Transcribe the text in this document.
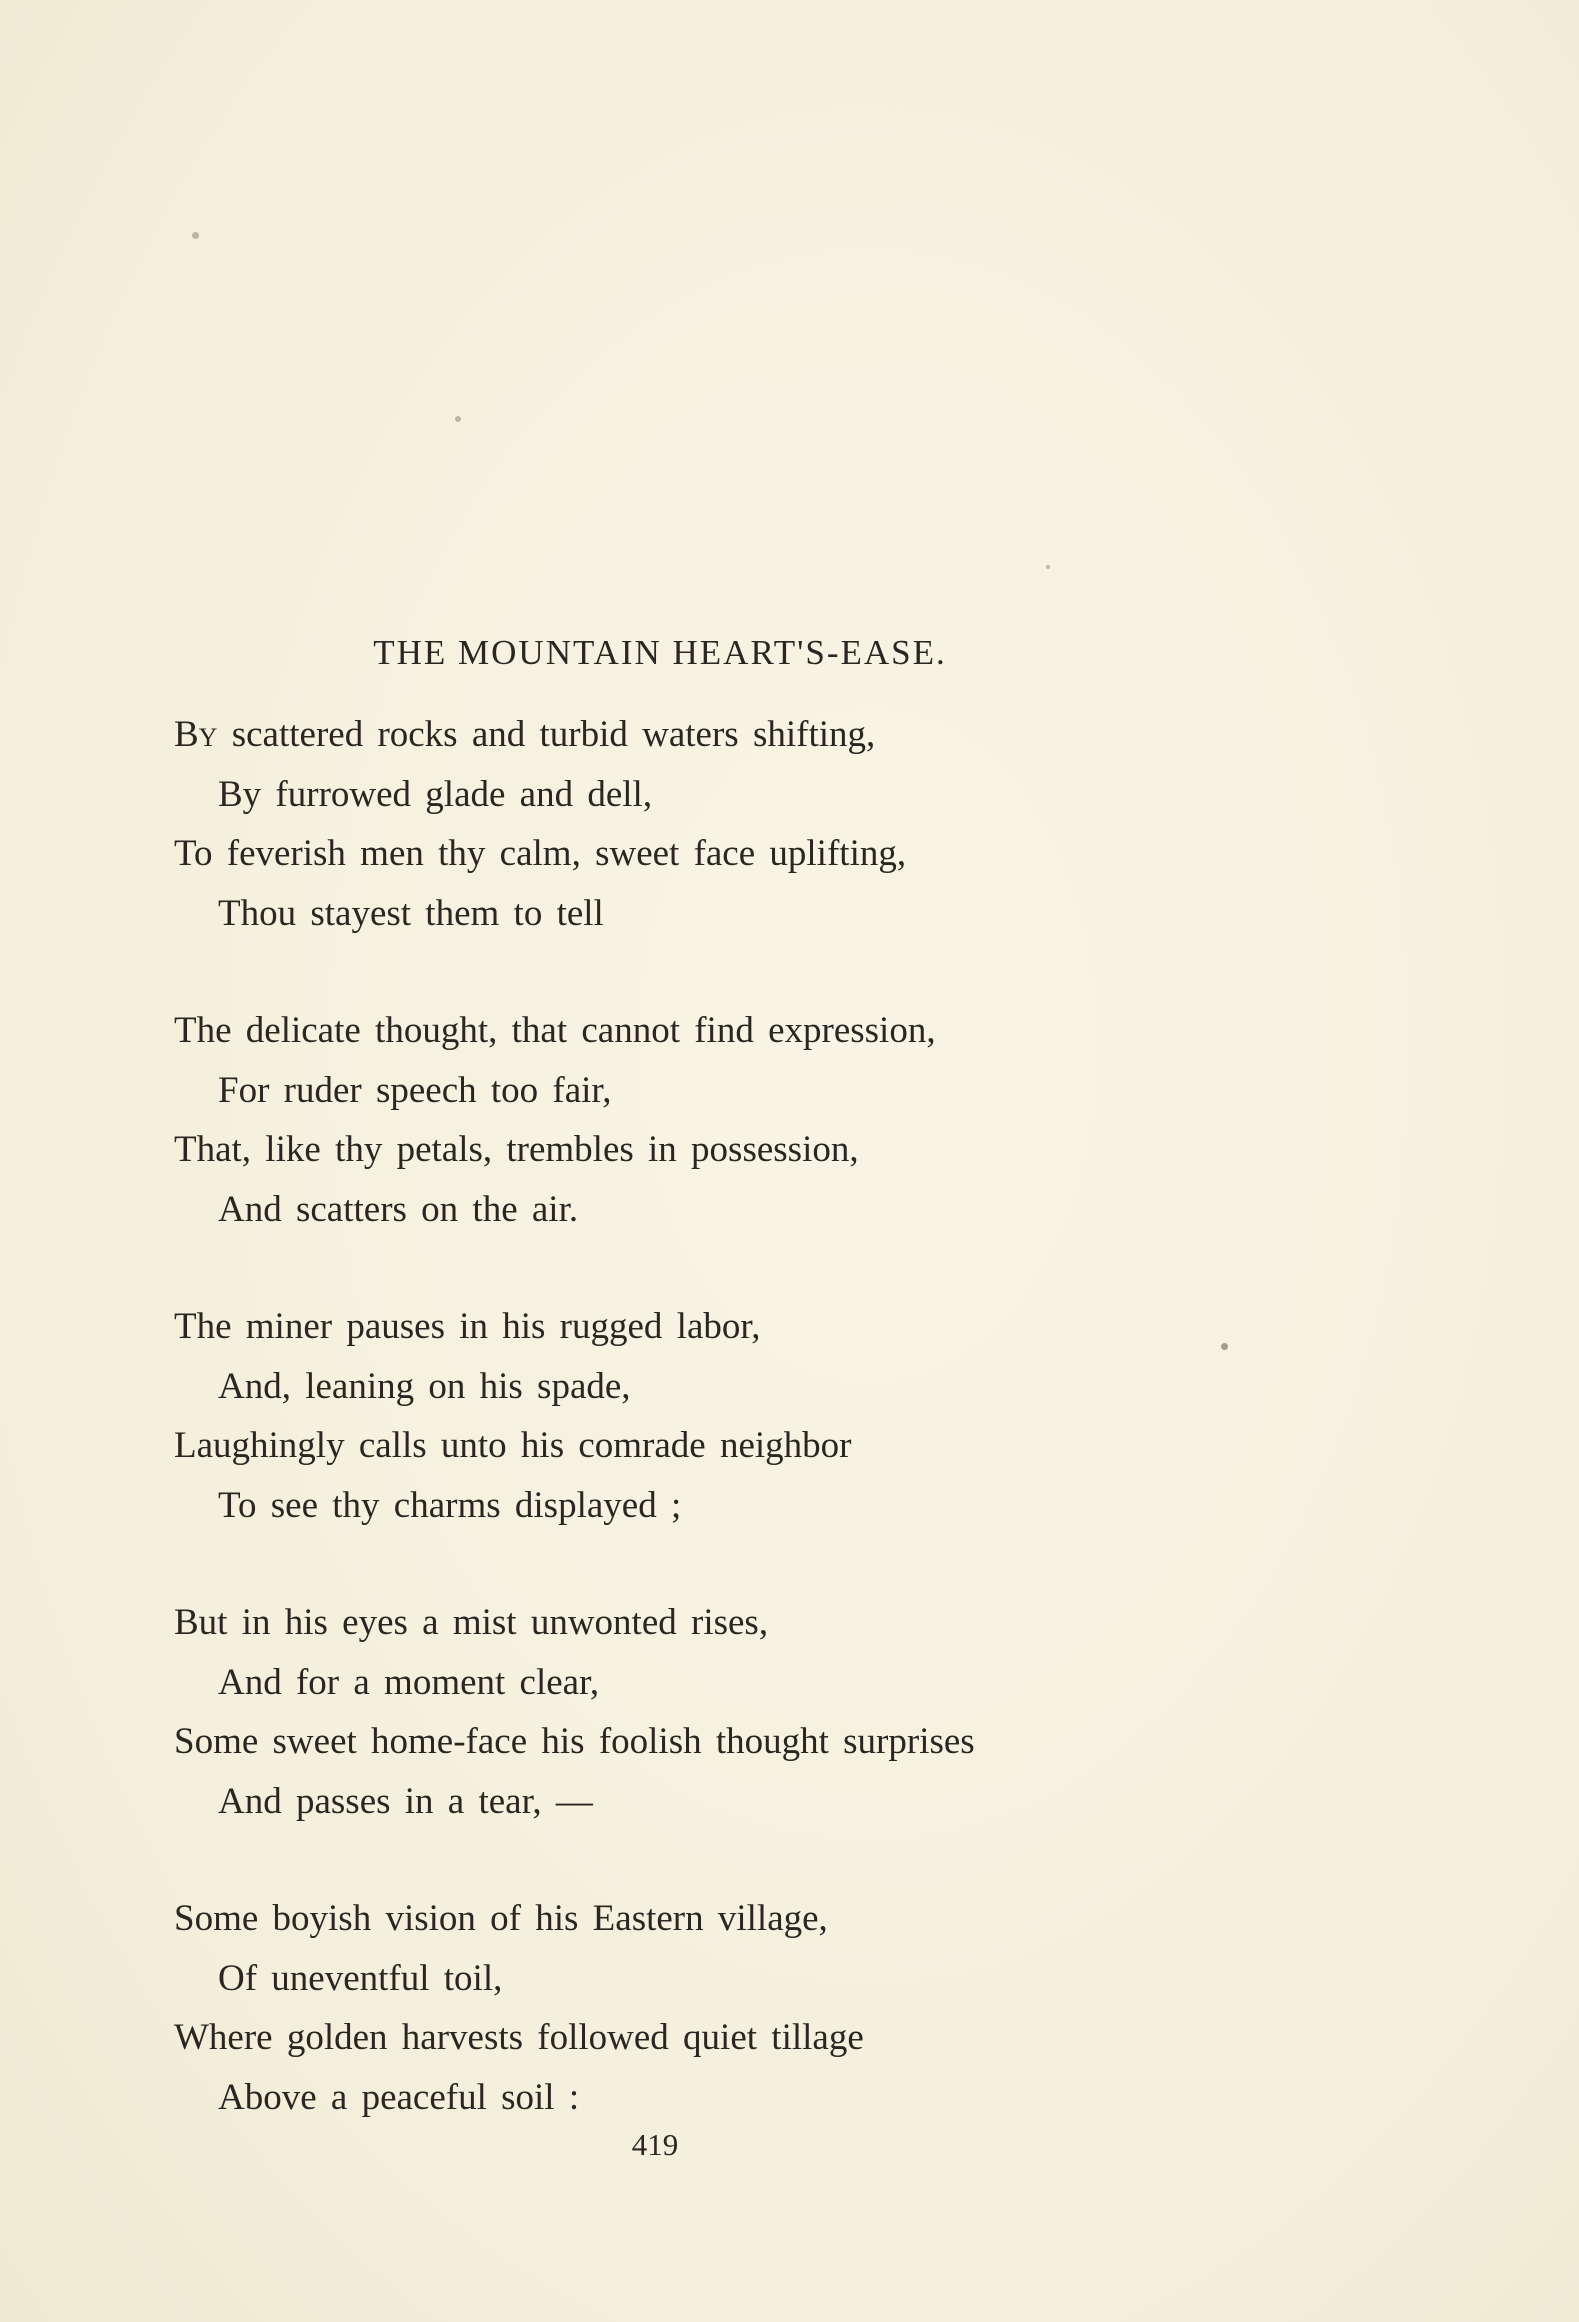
THE MOUNTAIN HEART'S-EASE.
By scattered rocks and turbid waters shifting,
By furrowed glade and dell,
To feverish men thy calm, sweet face uplifting,
Thou stayest them to tell
The delicate thought, that cannot find expression,
For ruder speech too fair,
That, like thy petals, trembles in possession,
And scatters on the air.
The miner pauses in his rugged labor,
And, leaning on his spade,
Laughingly calls unto his comrade neighbor
To see thy charms displayed ;
But in his eyes a mist unwonted rises,
And for a moment clear,
Some sweet home-face his foolish thought surprises
And passes in a tear, —
Some boyish vision of his Eastern village,
Of uneventful toil,
Where golden harvests followed quiet tillage
Above a peaceful soil :
419
